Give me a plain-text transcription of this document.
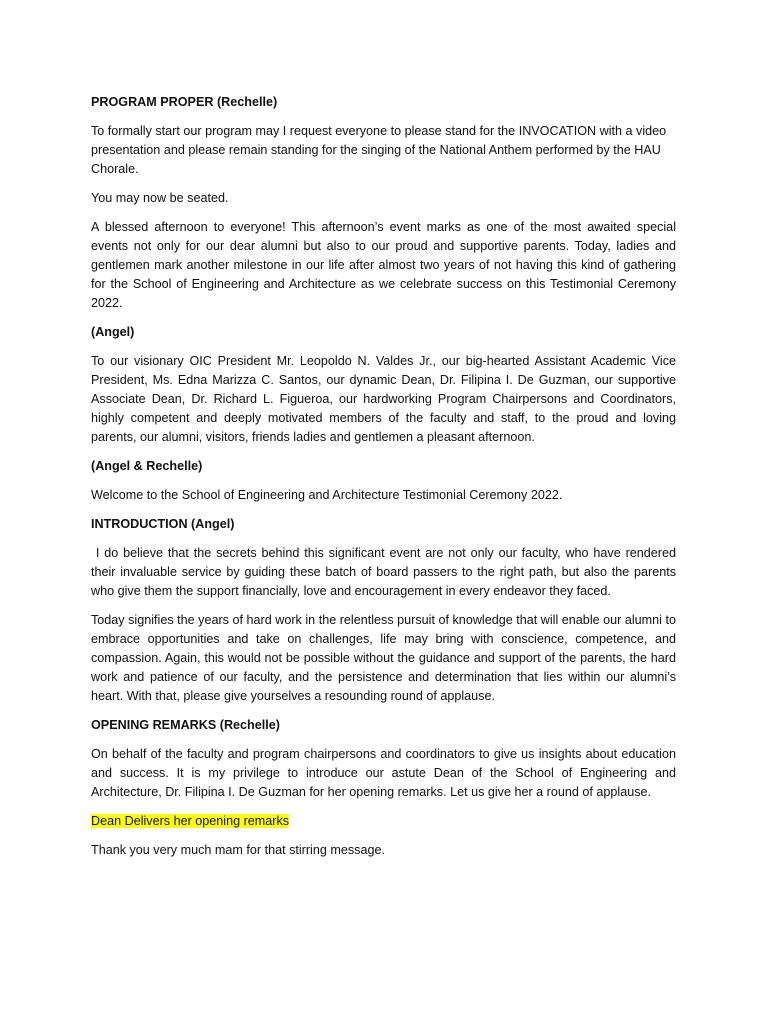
PROGRAM PROPER (Rechelle)

To formally start our program may I request everyone to please stand for the INVOCATION with a video presentation and please remain standing for the singing of the National Anthem performed by the HAU Chorale.

You may now be seated.

A blessed afternoon to everyone! This afternoon’s event marks as one of the most awaited special events not only for our dear alumni but also to our proud and supportive parents. Today, ladies and gentlemen mark another milestone in our life after almost two years of not having this kind of gathering for the School of Engineering and Architecture as we celebrate success on this Testimonial Ceremony 2022.

(Angel)

To our visionary OIC President Mr. Leopoldo N. Valdes Jr., our big-hearted Assistant Academic Vice President, Ms. Edna Marizza C. Santos, our dynamic Dean, Dr. Filipina I. De Guzman, our supportive Associate Dean, Dr. Richard L. Figueroa, our hardworking Program Chairpersons and Coordinators, highly competent and deeply motivated members of the faculty and staff, to the proud and loving parents, our alumni, visitors, friends ladies and gentlemen a pleasant afternoon.

(Angel & Rechelle)

Welcome to the School of Engineering and Architecture Testimonial Ceremony 2022.

INTRODUCTION (Angel)

I do believe that the secrets behind this significant event are not only our faculty, who have rendered their invaluable service by guiding these batch of board passers to the right path, but also the parents who give them the support financially, love and encouragement in every endeavor they faced.

Today signifies the years of hard work in the relentless pursuit of knowledge that will enable our alumni to embrace opportunities and take on challenges, life may bring with conscience, competence, and compassion. Again, this would not be possible without the guidance and support of the parents, the hard work and patience of our faculty, and the persistence and determination that lies within our alumni’s heart. With that, please give yourselves a resounding round of applause.

OPENING REMARKS (Rechelle)

On behalf of the faculty and program chairpersons and coordinators to give us insights about education and success. It is my privilege to introduce our astute Dean of the School of Engineering and Architecture, Dr. Filipina I. De Guzman for her opening remarks. Let us give her a round of applause.

Dean Delivers her opening remarks

Thank you very much mam for that stirring message.
